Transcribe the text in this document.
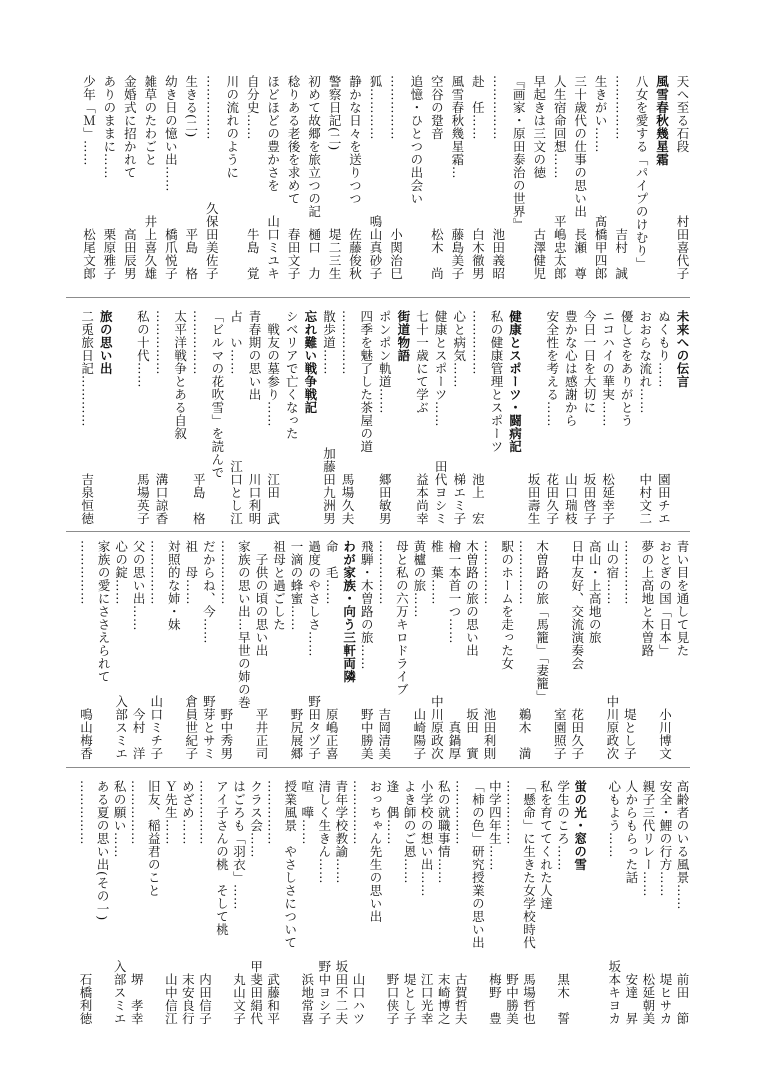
天へ至る石段
村田喜代子
風雪春秋幾星霜
八女を愛する「パイプのけむり」
……………
吉村　誠
生きがい……
髙橋甲四郎
三十歳代の仕事の思い出
長瀬　尊
人生宿命回想……
平嶋忠太郎
早起きは三文の徳
古澤健児
『画家・原田泰治の世界』
……………
池田義昭
赴　任……
白木徹男
風雪春秋幾星霜…
藤島美子
空谷の跫音
松木　尚
追憶・ひとつの出会い
……………
小関治巳
狐…………
鳴山真砂子
静かな日々を送りつつ
佐藤俊秋
警察日記(二)
堤二三生
初めて故郷を旅立つの記
樋口　力
稔りある老後を求めて
春田文子
ほどほどの豊かさを
山口ミユキ
自分史……
牛島　覚
川の流れのように
……………
久保田美佐子
生きる(二)
平島　格
幼き日の憶い出……
橋爪悦子
雑草のたわごと
井上喜久雄
金婚式に招かれて
高田辰男
ありのままに……
栗原雅子
少年「Ｍ」……
松尾文郎
未来への伝言
ぬくもり……
園田チエ
おおらな流れ……
中村文二
優しさをありがとう
ニコハイの華実……
松延幸子
今日一日を大切に
坂田啓子
豊かな心は感謝から
山口瑞枝
安全性を考える……
花田久子
坂田壽生
健康とスポーツ・闘病記
私の健康管理とスポーツ
……………
池上　宏
心と病気……
梯エミ子
健康とスポーツ……
田代ヨシミ
七十一歳にて学ぶ
益本尚幸
街道物語
ポンポン軌道……
郷田敏男
四季を魅了した茶屋の道
……………
馬場久夫
散歩道……
加藤田九洲男
忘れ難い戦争戦記
シベリアで亡くなった
　戦友の墓参り……
江田　武
青春期の思い出
川口利明
占　い……
江口とし江
「ビルマの花吹雪」を読んで
……………
平島　格
太平洋戦争とある自叙
……………
溝口諒香
私の十代……
馬場英子
旅の思い出
二兎旅日記…………
吉泉恒徳
青い目を通して見た
おとぎの国「日本」
小川博文
夢の上高地と木曽路
……………
堤とし子
山の宿……
中川原政次
高山・上高地の旅
日中友好、交流演奏会
花田久子
室園照子
木曽路の旅「馬籠」「妻籠」
……………
鵜木　満
駅のホームを走った女
……………
池田利則
木曽路の旅の思い出
坂田　實
檜一本首一つ……
真鍋厚
椎　葉……
中川原政次
黄櫨の旅……
山崎陽子
母と私の六万キロドライブ
……………
吉岡清美
飛騨・木曽路の旅……
野中勝美
わが家族・向う三軒両隣
命　毛……
原嶋正喜
過度のやさしさ……
野田タヅ子
一滴の蜂蜜……
野尻展郷
祖母と過ごした
　子供の頃の思い出
平井正司
家族の思い出…早世の姉の巻
……………
野中秀男
だからね、今……
野芽とサミ
祖　母……
倉員世紀子
対照的な姉・妹
……………
山口ミチ子
父の思い出……
今村　洋
心の錠……
入部スミエ
家族の愛にささえられて
……………
鳴山梅香
高齢者のいる風景……
前田　節
安全・鯉の行方……
堤ヒサカ
親子三代リレー……
松延朝美
人からもらった話
安達　昇
心もよう……
坂本キヨカ
蛍の光・窓の雪
学生のころ……
黒木　誓
私を育ててくれた人達
「懸命」に生きた女学校時代
馬場哲也
……………
野中勝美
中学四年生……
梅野　豊
「柿の色」研究授業の思い出
……………
古賀哲夫
私の就職事情……
末崎博之
小学校の想い出……
江口光幸
よき師のご恩……
堤とし子
逢　偶……
野口侠子
おっちゃん先生の思い出
……………
山口ハツ
青年学校教諭……
坂田不二夫
清しく生きん……
野中ヨシ子
喧　嘩……
浜地常喜
授業風景　やさしさについて
……………
武藤和平
クラス会……
甲斐田絹代
はごろも「羽衣」……
丸山文子
アイ子さんの桃　そして桃
……………
内田信子
めざめ……
末安良行
Ｙ先生……
山中信江
旧友、稲益君のこと
……………
堺　孝幸
私の願い……
入部スミエ
ある夏の思い出(その一)
……………
石橋利徳
